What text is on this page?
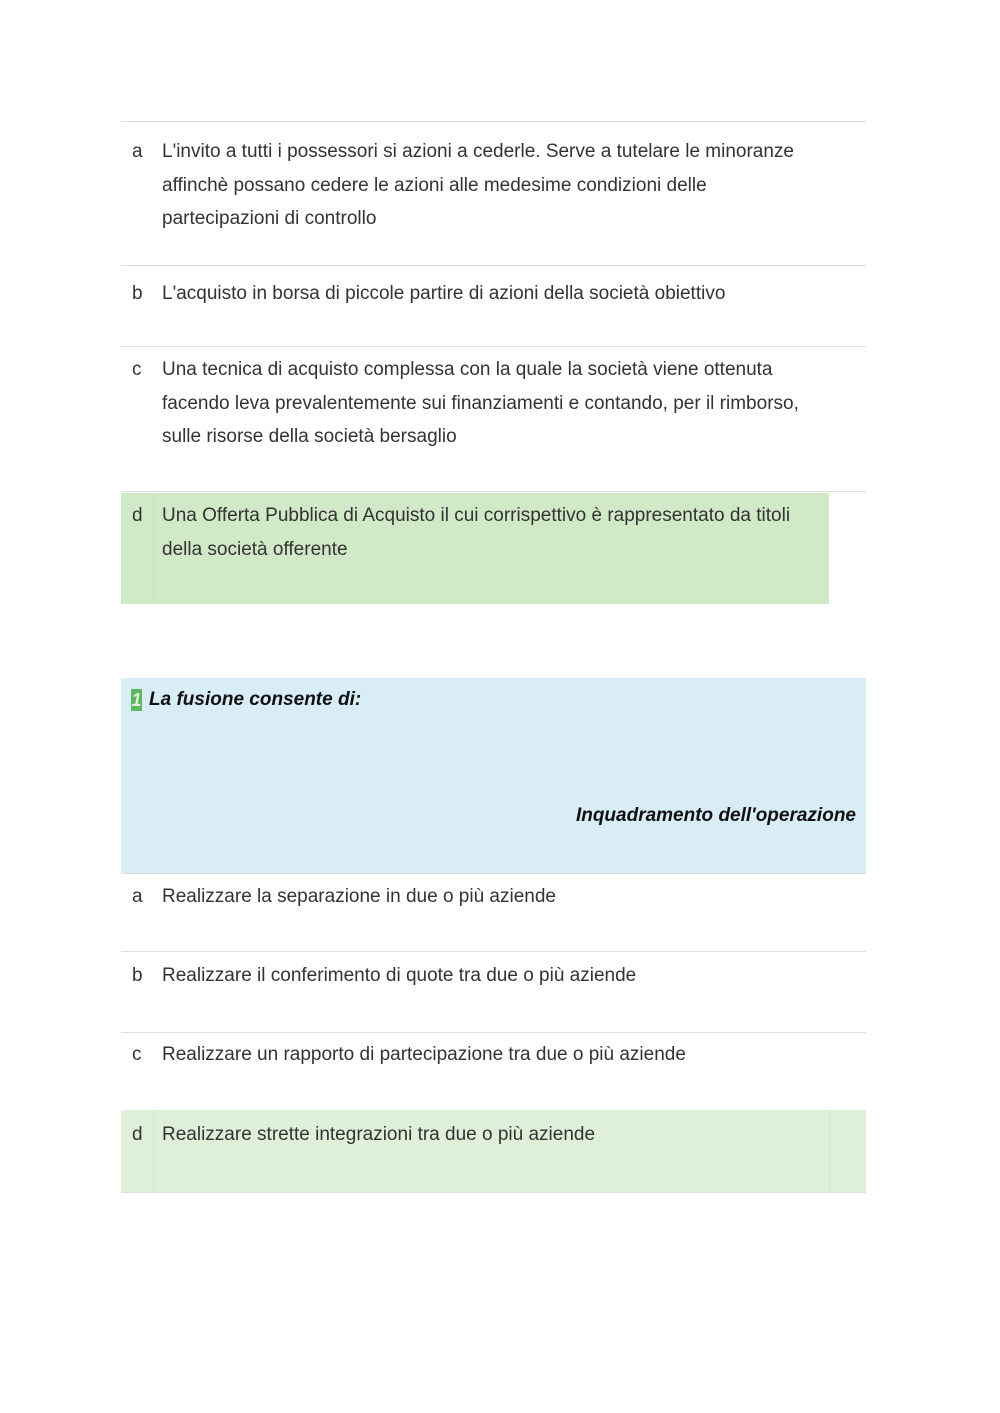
a L'invito a tutti i possessori si azioni a cederle. Serve a tutelare le minoranze affinchè possano cedere le azioni alle medesime condizioni delle partecipazioni di controllo
b L'acquisto in borsa di piccole partire di azioni della società obiettivo
c Una tecnica di acquisto complessa con la quale la società viene ottenuta facendo leva prevalentemente sui finanziamenti e contando, per il rimborso, sulle risorse della società bersaglio
d Una Offerta Pubblica di Acquisto il cui corrispettivo è rappresentato da titoli della società offerente
1 La fusione consente di:
Inquadramento dell'operazione
a Realizzare la separazione in due o più aziende
b Realizzare il conferimento di quote tra due o più aziende
c Realizzare un rapporto di partecipazione tra due o più aziende
d Realizzare strette integrazioni tra due o più aziende
